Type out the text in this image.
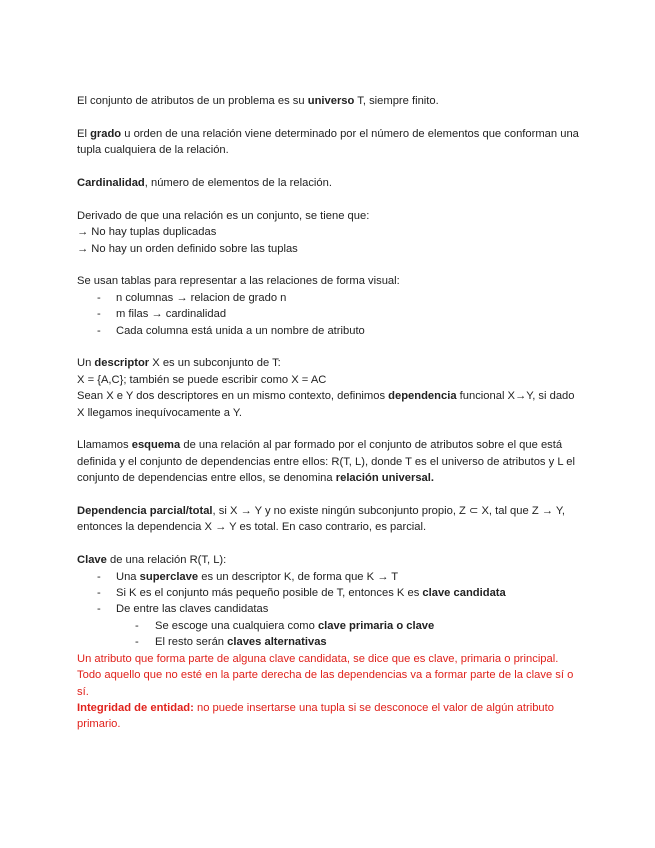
El conjunto de atributos de un problema es su universo T, siempre finito.

El grado u orden de una relación viene determinado por el número de elementos que conforman una tupla cualquiera de la relación.

Cardinalidad, número de elementos de la relación.

Derivado de que una relación es un conjunto, se tiene que:

→ No hay tuplas duplicadas

→ No hay un orden definido sobre las tuplas

Se usan tablas para representar a las relaciones de forma visual:

- n columnas → relacion de grado n
- m filas → cardinalidad
- Cada columna está unida a un nombre de atributo

Un descriptor X es un subconjunto de T:

X = {A,C}; también se puede escribir como X = AC

Sean X e Y dos descriptores en un mismo contexto, definimos dependencia funcional X→Y, si dado X llegamos inequívocamente a Y.

Llamamos esquema de una relación al par formado por el conjunto de atributos sobre el que está definida y el conjunto de dependencias entre ellos: R(T, L), donde T es el universo de atributos y L el conjunto de dependencias entre ellos, se denomina relación universal.

Dependencia parcial/total, si X → Y y no existe ningún subconjunto propio, Z ⊂ X, tal que Z → Y, entonces la dependencia X → Y es total. En caso contrario, es parcial.

Clave de una relación R(T, L):

- Una superclave es un descriptor K, de forma que K → T
- Si K es el conjunto más pequeño posible de T, entonces K es clave candidata
- De entre las claves candidatas
- Se escoge una cualquiera como clave primaria o clave
- El resto serán claves alternativas

Un atributo que forma parte de alguna clave candidata, se dice que es clave, primaria o principal.

Todo aquello que no esté en la parte derecha de las dependencias va a formar parte de la clave sí o sí.

Integridad de entidad: no puede insertarse una tupla si se desconoce el valor de algún atributo primario.
